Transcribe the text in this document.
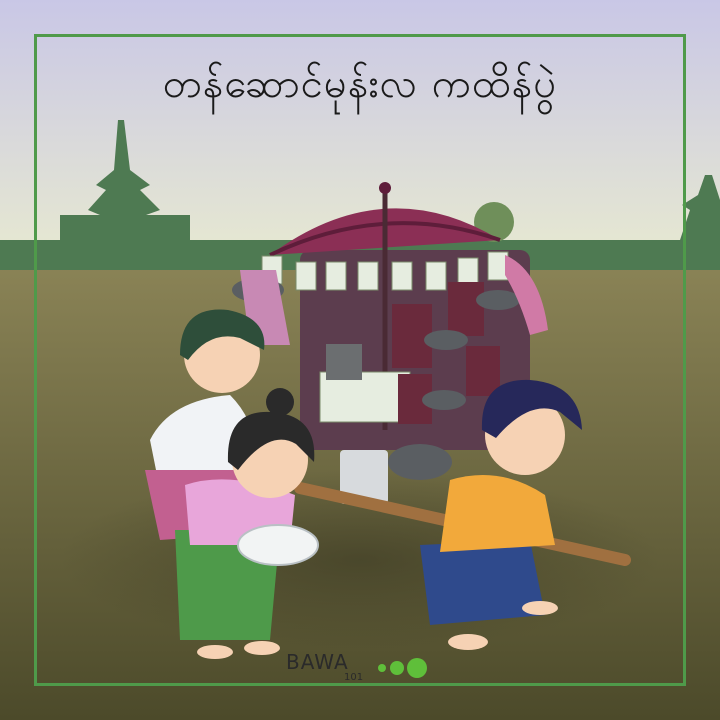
တန်ဆောင်မုန်းလ ကထိန်ပွဲ
BAWA
101
